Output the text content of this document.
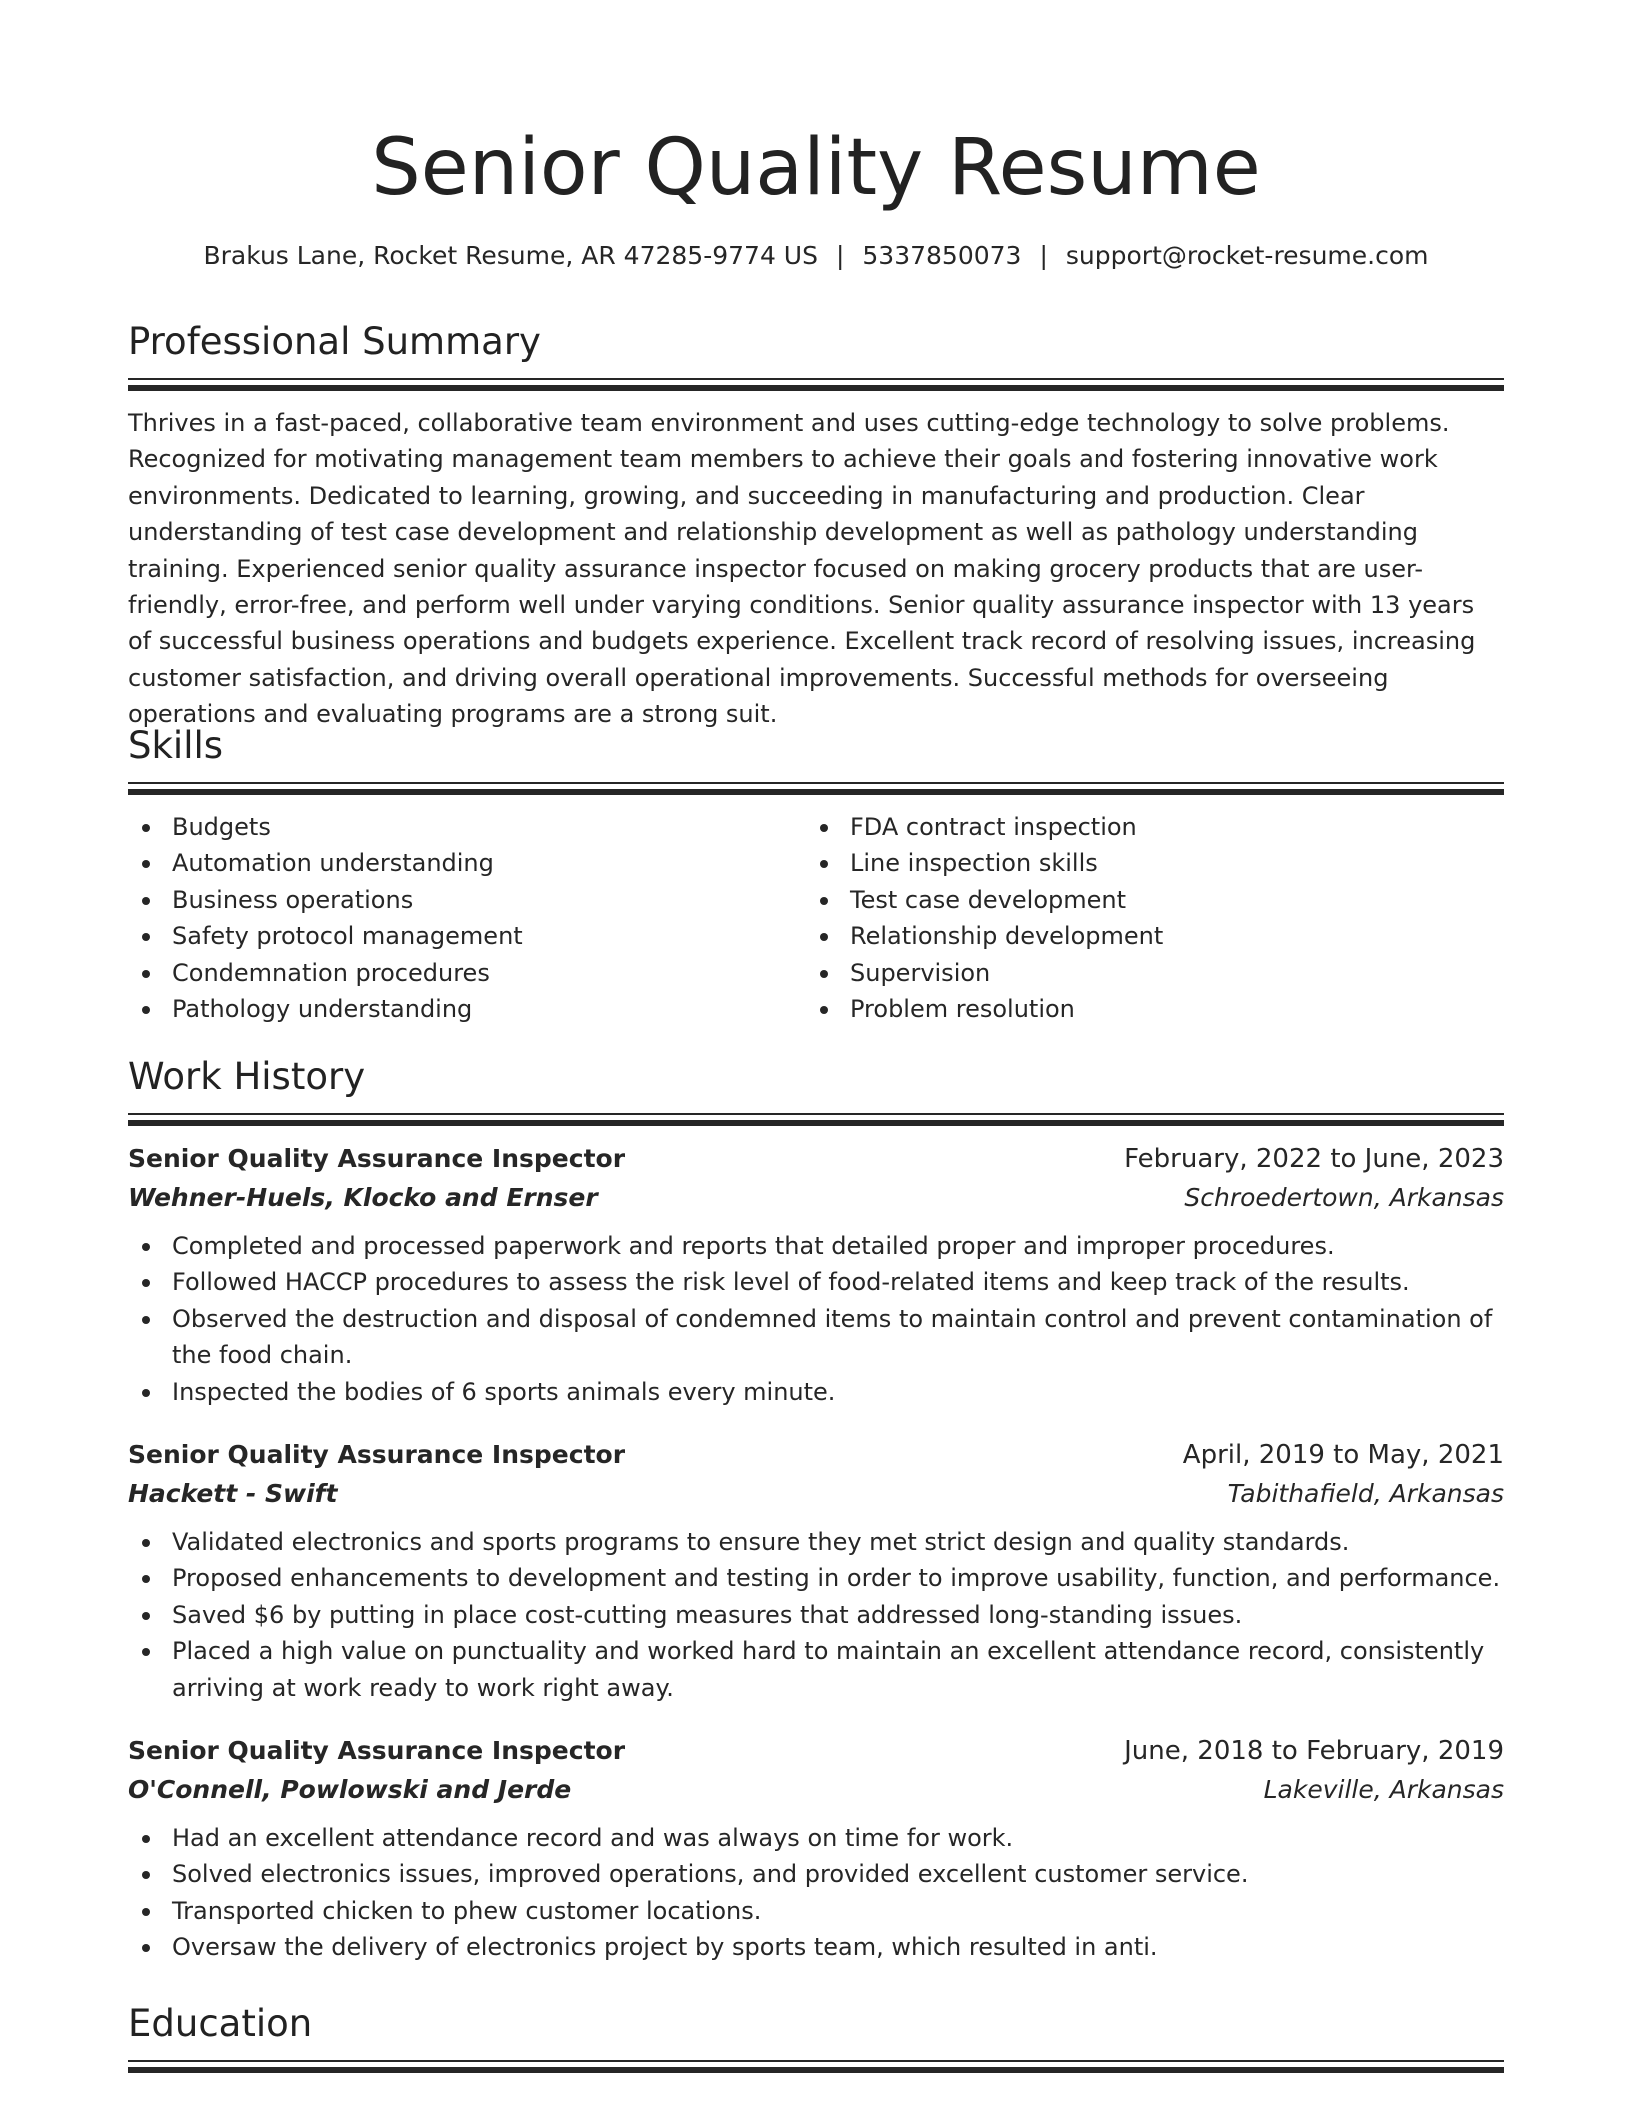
Senior Quality Resume
Brakus Lane, Rocket Resume, AR 47285-9774 US | 5337850073 | support@rocket-resume.com
Professional Summary

Thrives in a fast-paced, collaborative team environment and uses cutting-edge technology to solve problems. Recognized for motivating management team members to achieve their goals and fostering innovative work environments. Dedicated to learning, growing, and succeeding in manufacturing and production. Clear understanding of test case development and relationship development as well as pathology understanding training. Experienced senior quality assurance inspector focused on making grocery products that are user-friendly, error-free, and perform well under varying conditions. Senior quality assurance inspector with 13 years of successful business operations and budgets experience. Excellent track record of resolving issues, increasing customer satisfaction, and driving overall operational improvements. Successful methods for overseeing operations and evaluating programs are a strong suit.

Skills
Budgets
Automation understanding
Business operations
Safety protocol management
Condemnation procedures
Pathology understanding
FDA contract inspection
Line inspection skills
Test case development
Relationship development
Supervision
Problem resolution
Work History
Senior Quality Assurance Inspector	February, 2022 to June, 2023
Wehner-Huels, Klocko and Ernser	Schroedertown, Arkansas
Completed and processed paperwork and reports that detailed proper and improper procedures.
Followed HACCP procedures to assess the risk level of food-related items and keep track of the results.
Observed the destruction and disposal of condemned items to maintain control and prevent contamination of the food chain.
Inspected the bodies of 6 sports animals every minute.
Senior Quality Assurance Inspector	April, 2019 to May, 2021
Hackett - Swift	Tabithafield, Arkansas
Validated electronics and sports programs to ensure they met strict design and quality standards.
Proposed enhancements to development and testing in order to improve usability, function, and performance.
Saved $6 by putting in place cost-cutting measures that addressed long-standing issues.
Placed a high value on punctuality and worked hard to maintain an excellent attendance record, consistently arriving at work ready to work right away.
Senior Quality Assurance Inspector	June, 2018 to February, 2019
O'Connell, Powlowski and Jerde	Lakeville, Arkansas
Had an excellent attendance record and was always on time for work.
Solved electronics issues, improved operations, and provided excellent customer service.
Transported chicken to phew customer locations.
Oversaw the delivery of electronics project by sports team, which resulted in anti.
Education
